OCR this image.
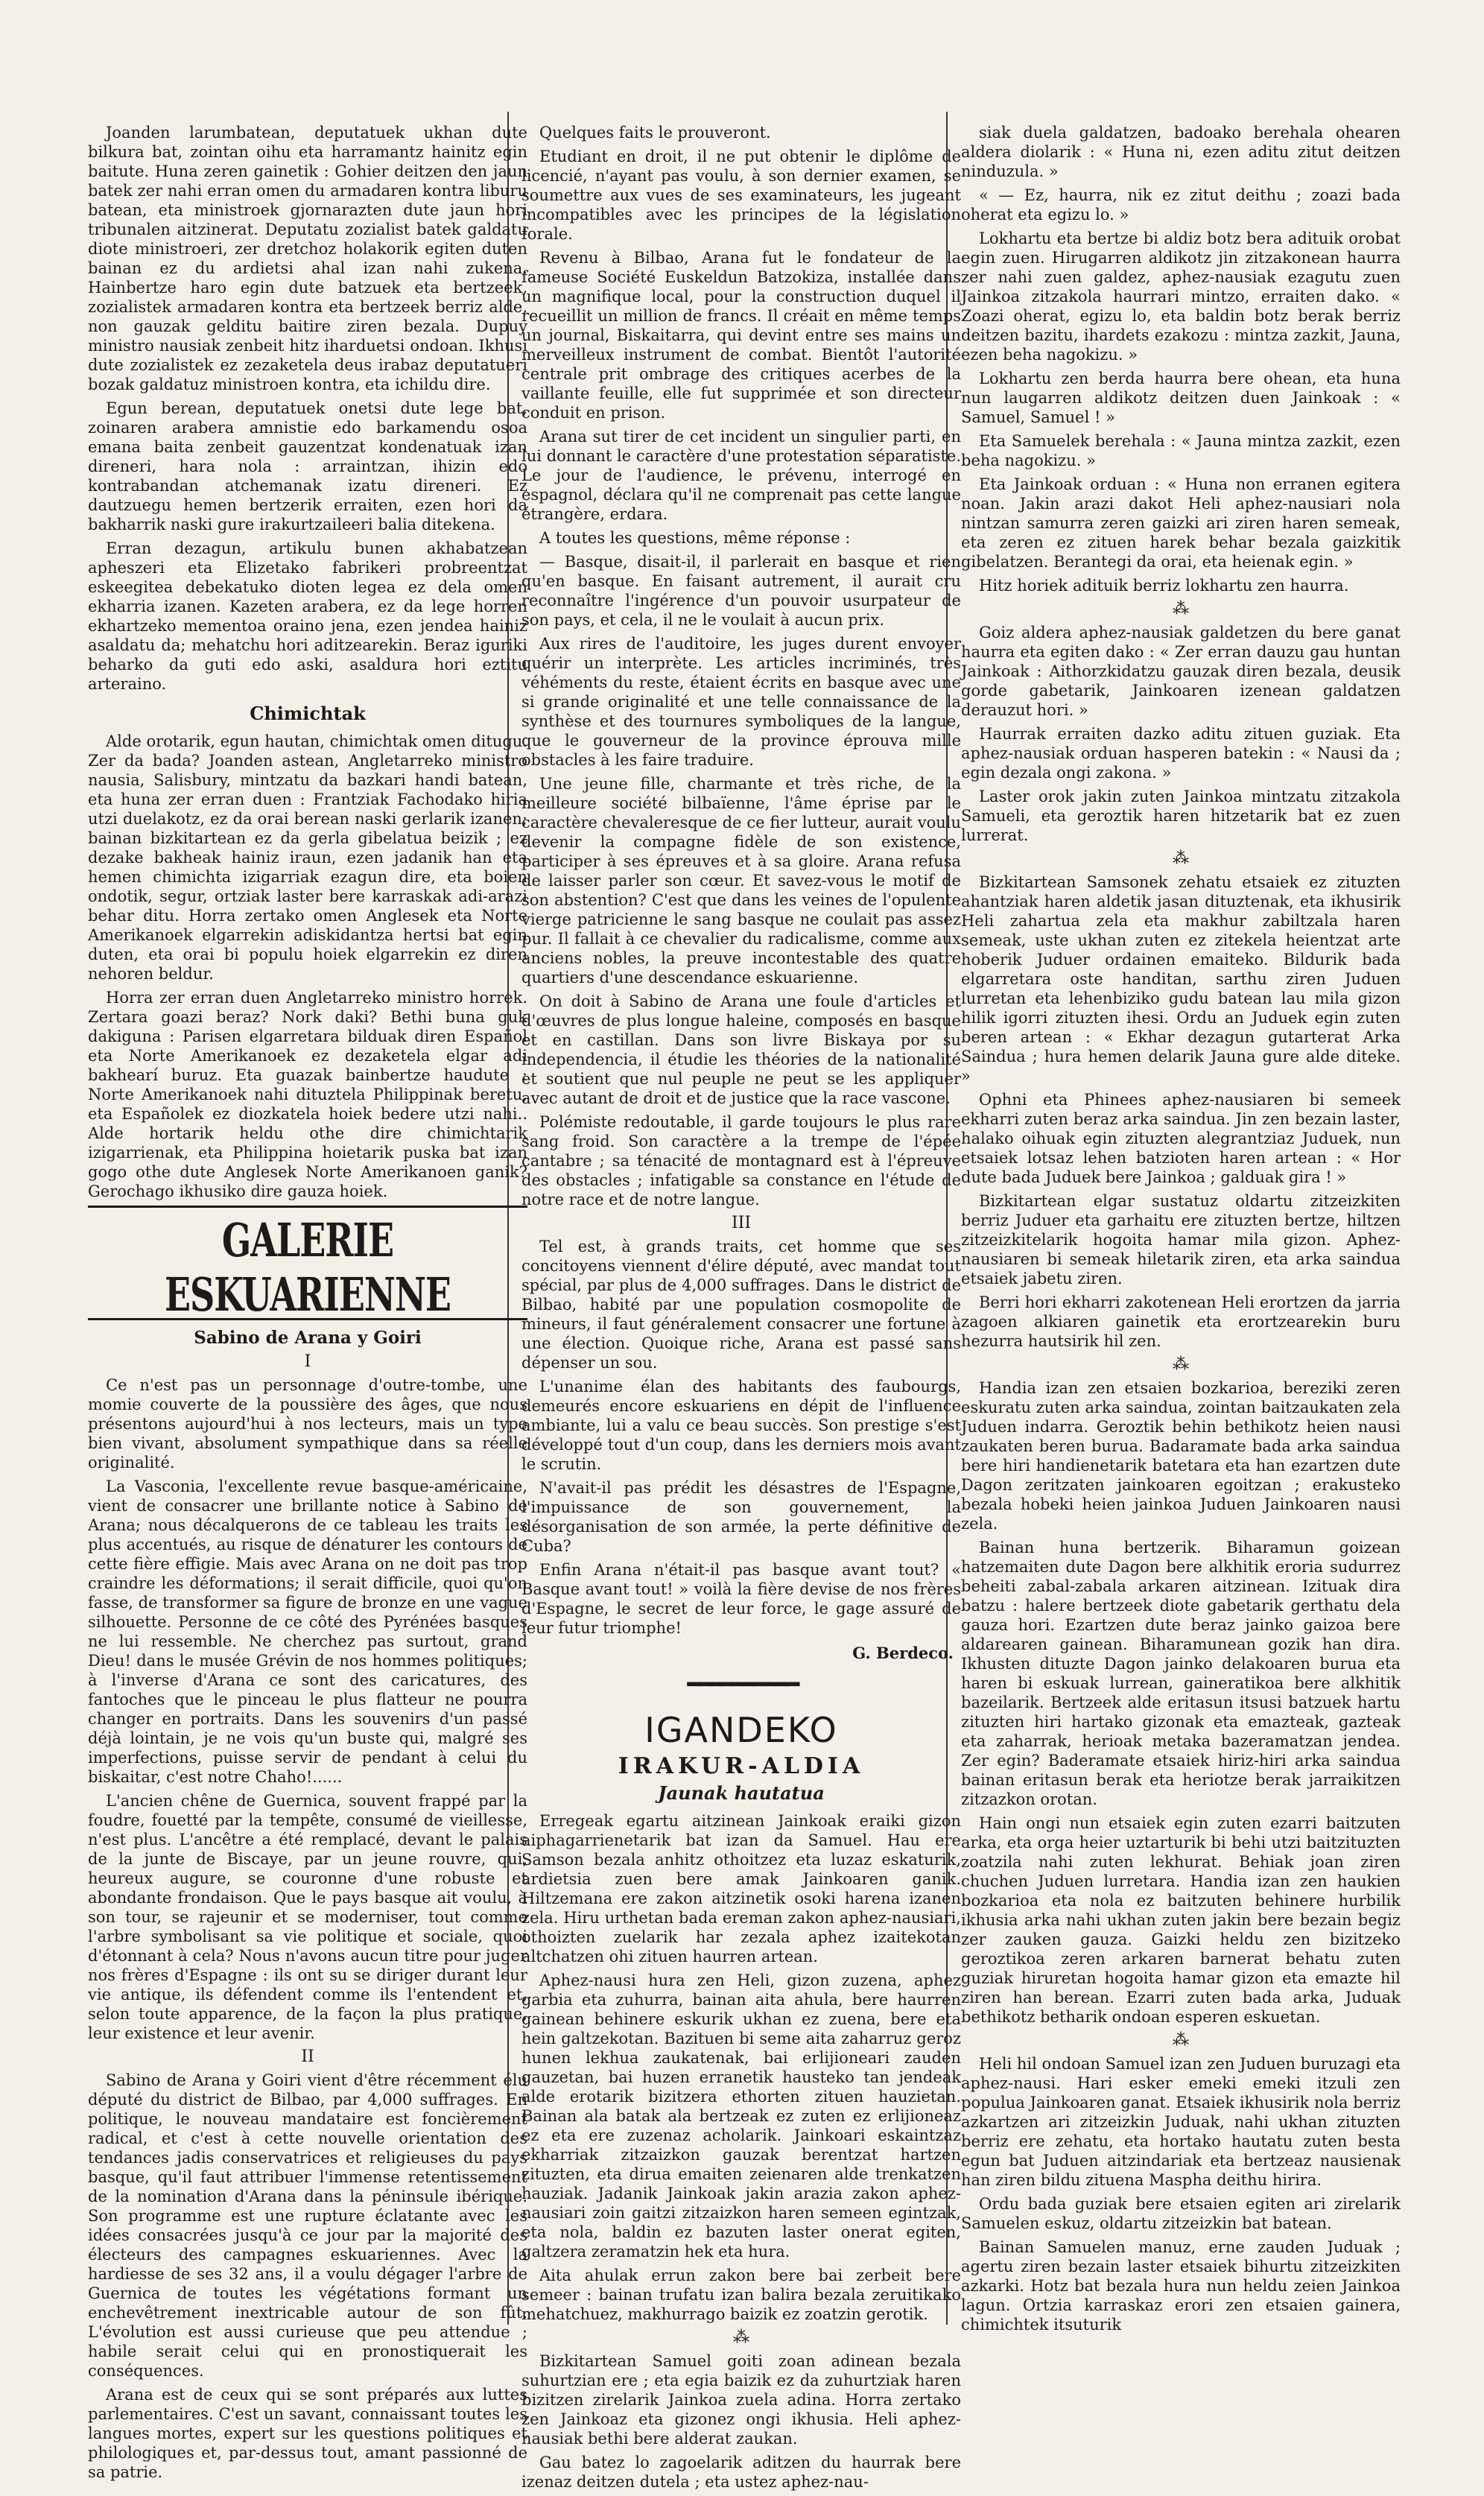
Joanden larumbatean, deputatuek ukhan dute bilkura bat, zointan oihu eta harramantz hainitz egin baitute. Huna zeren gainetik : Gohier deitzen den jaun batek zer nahi erran omen du armadaren kontra liburu batean, eta ministroek gjornarazten dute jaun hori tribunalen aitzinerat. Deputatu zozialist batek galdatu diote ministroeri, zer dretchoz holakorik egiten duten bainan ez du ardietsi ahal izan nahi zukena. Hainbertze haro egin dute batzuek eta bertzeek, zozialistek armadaren kontra eta bertzeek berriz alde, non gauzak gelditu baitire ziren bezala. Dupuy ministro nausiak zenbeit hitz iharduetsi ondoan. Ikhusi dute zozialistek ez zezaketela deus irabaz deputatueri bozak galdatuz ministroen kontra, eta ichildu dire.

Egun berean, deputatuek onetsi dute lege bat, zoinaren arabera amnistie edo barkamendu osoa emana baita zenbeit gauzentzat kondenatuak izan direneri, hara nola : arraintzan, ihizin edo kontrabandan atchemanak izatu direneri. Ez dautzuegu hemen bertzerik erraiten, ezen hori da bakharrik naski gure irakurtzaileeri balia ditekena.

Erran dezagun, artikulu bunen akhabatzean apheszeri eta Elizetako fabrikeri probreentzat eskeegitea debekatuko dioten legea ez dela omen ekharria izanen. Kazeten arabera, ez da lege horren ekhartzeko mementoa oraino jena, ezen jendea hainiz asaldatu da; mehatchu hori aditzearekin. Beraz iguriki beharko da guti edo aski, asaldura hori eztitu arteraino.

Chimichtak

Alde orotarik, egun hautan, chimichtak omen ditugu. Zer da bada? Joanden astean, Angletarreko ministro nausia, Salisbury, mintzatu da bazkari handi batean, eta huna zer erran duen : Frantziak Fachodako hiria utzi duelakotz, ez da orai berean naski gerlarik izanen; bainan bizkitartean ez da gerla gibelatua beizik ; ez dezake bakheak hainiz iraun, ezen jadanik han eta hemen chimichta izigarriak ezagun dire, eta boien ondotik, segur, ortziak laster bere karraskak adi-arazi behar ditu. Horra zertako omen Anglesek eta Norte Amerikanoek elgarrekin adiskidantza hertsi bat egin duten, eta orai bi populu hoiek elgarrekin ez diren nehoren beldur.

Horra zer erran duen Angletarreko ministro horrek. Zertara goazi beraz? Nork daki? Bethi buna guk dakiguna : Parisen elgarretara bilduak diren Español eta Norte Amerikanoek ez dezaketela elgar adi bakhearí buruz. Eta guazak bainbertze haudute : Norte Amerikanoek nahi dituztela Philippinak beretu, eta Españolek ez diozkatela hoiek bedere utzi nahi.. Alde hortarik heldu othe dire chimichtarik izigarrienak, eta Philippina hoietarik puska bat izan gogo othe dute Anglesek Norte Amerikanoen ganik? Gerochago ikhusiko dire gauza hoiek.

GALERIE ESKUARIENNE
Sabino de Arana y Goiri
I

Ce n'est pas un personnage d'outre-tombe, une momie couverte de la poussière des âges, que nous présentons aujourd'hui à nos lecteurs, mais un type bien vivant, absolument sympathique dans sa réelle originalité.

La Vasconia, l'excellente revue basque-américaine, vient de consacrer une brillante notice à Sabino de Arana; nous décalquerons de ce tableau les traits les plus accentués, au risque de dénaturer les contours de cette fière effigie. Mais avec Arana on ne doit pas trop craindre les déformations; il serait difficile, quoi qu'on fasse, de transformer sa figure de bronze en une vague silhouette. Personne de ce côté des Pyrénées basques ne lui ressemble. Ne cherchez pas surtout, grand Dieu! dans le musée Grévin de nos hommes politiques; à l'inverse d'Arana ce sont des caricatures, des fantoches que le pinceau le plus flatteur ne pourra changer en portraits. Dans les souvenirs d'un passé déjà lointain, je ne vois qu'un buste qui, malgré ses imperfections, puisse servir de pendant à celui du biskaitar, c'est notre Chaho!......

L'ancien chêne de Guernica, souvent frappé par la foudre, fouetté par la tempête, consumé de vieillesse, n'est plus. L'ancêtre a été remplacé, devant le palais de la junte de Biscaye, par un jeune rouvre, qui, heureux augure, se couronne d'une robuste et abondante frondaison. Que le pays basque ait voulu, à son tour, se rajeunir et se moderniser, tout comme l'arbre symbolisant sa vie politique et sociale, quoi d'étonnant à cela? Nous n'avons aucun titre pour juger nos frères d'Espagne : ils ont su se diriger durant leur vie antique, ils défendent comme ils l'entendent et, selon toute apparence, de la façon la plus pratique, leur existence et leur avenir.

II

Sabino de Arana y Goiri vient d'être récemment élu député du district de Bilbao, par 4,000 suffrages. En politique, le nouveau mandataire est foncièrement radical, et c'est à cette nouvelle orientation des tendances jadis conservatrices et religieuses du pays basque, qu'il faut attribuer l'immense retentissement de la nomination d'Arana dans la péninsule ibérique. Son programme est une rupture éclatante avec les idées consacrées jusqu'à ce jour par la majorité des électeurs des campagnes eskuariennes. Avec la hardiesse de ses 32 ans, il a voulu dégager l'arbre de Guernica de toutes les végétations formant un enchevêtrement inextricable autour de son fût. L'évolution est aussi curieuse que peu attendue ; habile serait celui qui en pronostiquerait les conséquences.

Arana est de ceux qui se sont préparés aux luttes parlementaires. C'est un savant, connaissant toutes les langues mortes, expert sur les questions politiques et philologiques et, par-dessus tout, amant passionné de sa patrie.

Quelques faits le prouveront.

Etudiant en droit, il ne put obtenir le diplôme de licencié, n'ayant pas voulu, à son dernier examen, se soumettre aux vues de ses examinateurs, les jugeant incompatibles avec les principes de la législation forale.

Revenu à Bilbao, Arana fut le fondateur de la fameuse Société Euskeldun Batzokiza, installée dans un magnifique local, pour la construction duquel il recueillit un million de francs. Il créait en même temps un journal, Biskaitarra, qui devint entre ses mains un merveilleux instrument de combat. Bientôt l'autorité centrale prit ombrage des critiques acerbes de la vaillante feuille, elle fut supprimée et son directeur conduit en prison.

Arana sut tirer de cet incident un singulier parti, en lui donnant le caractère d'une protestation séparatiste. Le jour de l'audience, le prévenu, interrogé en espagnol, déclara qu'il ne comprenait pas cette langue étrangère, erdara.

A toutes les questions, même réponse :

— Basque, disait-il, il parlerait en basque et rien qu'en basque. En faisant autrement, il aurait cru reconnaître l'ingérence d'un pouvoir usurpateur de son pays, et cela, il ne le voulait à aucun prix.

Aux rires de l'auditoire, les juges durent envoyer quérir un interprète. Les articles incriminés, très véhéments du reste, étaient écrits en basque avec une si grande originalité et une telle connaissance de la synthèse et des tournures symboliques de la langue, que le gouverneur de la province éprouva mille obstacles à les faire traduire.

Une jeune fille, charmante et très riche, de la meilleure société bilbaïenne, l'âme éprise par le caractère chevaleresque de ce fier lutteur, aurait voulu devenir la compagne fidèle de son existence, participer à ses épreuves et à sa gloire. Arana refusa de laisser parler son cœur. Et savez-vous le motif de son abstention? C'est que dans les veines de l'opulente vierge patricienne le sang basque ne coulait pas assez pur. Il fallait à ce chevalier du radicalisme, comme aux anciens nobles, la preuve incontestable des quatre quartiers d'une descendance eskuarienne.

On doit à Sabino de Arana une foule d'articles et d'œuvres de plus longue haleine, composés en basque et en castillan. Dans son livre Biskaya por su independencia, il étudie les théories de la nationalité et soutient que nul peuple ne peut se les appliquer avec autant de droit et de justice que la race vascone.

Polémiste redoutable, il garde toujours le plus rare sang froid. Son caractère a la trempe de l'épée cantabre ; sa ténacité de montagnard est à l'épreuve des obstacles ; infatigable sa constance en l'étude de notre race et de notre langue.

III

Tel est, à grands traits, cet homme que ses concitoyens viennent d'élire député, avec mandat tout spécial, par plus de 4,000 suffrages. Dans le district de Bilbao, habité par une population cosmopolite de mineurs, il faut généralement consacrer une fortune à une élection. Quoique riche, Arana est passé sans dépenser un sou.

L'unanime élan des habitants des faubourgs, demeurés encore eskuariens en dépit de l'influence ambiante, lui a valu ce beau succès. Son prestige s'est développé tout d'un coup, dans les derniers mois avant le scrutin.

N'avait-il pas prédit les désastres de l'Espagne, l'impuissance de son gouvernement, la désorganisation de son armée, la perte définitive de Cuba?

Enfin Arana n'était-il pas basque avant tout? « Basque avant tout! » voilà la fière devise de nos frères d'Espagne, le secret de leur force, le gage assuré de leur futur triomphe!

G. Berdeco.
━━━━━━━━━━
IGANDEKO
IRAKUR-ALDIA
Jaunak hautatua

Erregeak egartu aitzinean Jainkoak eraiki gizon aiphagarrienetarik bat izan da Samuel. Hau ere Samson bezala anhitz othoitzez eta luzaz eskaturik, ardietsia zuen bere amak Jainkoaren ganik. Hiltzemana ere zakon aitzinetik osoki harena izanen zela. Hiru urthetan bada ereman zakon aphez-nausiari, othoizten zuelarik har zezala aphez izaitekotan altchatzen ohi zituen haurren artean.

Aphez-nausi hura zen Heli, gizon zuzena, aphez garbia eta zuhurra, bainan aita ahula, bere haurren gainean behinere eskurik ukhan ez zuena, bere eta hein galtzekotan. Bazituen bi seme aita zaharruz geroz hunen lekhua zaukatenak, bai erlijioneari zauden gauzetan, bai huzen erranetik hausteko tan jendeak alde erotarik bizitzera ethorten zituen hauzietan. Bainan ala batak ala bertzeak ez zuten ez erlijioneaz ez eta ere zuzenaz acholarik. Jainkoari eskaintzaz ekharriak zitzaizkon gauzak berentzat hartzen zituzten, eta dirua emaiten zeienaren alde trenkatzen hauziak. Jadanik Jainkoak jakin arazia zakon aphez-nausiari zoin gaitzi zitzaizkon haren semeen egintzak, eta nola, baldin ez bazuten laster onerat egiten, galtzera zeramatzin hek eta hura.

Aita ahulak errun zakon bere bai zerbeit bere semeer : bainan trufatu izan balira bezala zeruitikako mehatchuez, makhurrago baizik ez zoatzin gerotik.

⁂

Bizkitartean Samuel goiti zoan adinean bezala suhurtzian ere ; eta egia baizik ez da zuhurtziak haren bizitzen zirelarik Jainkoa zuela adina. Horra zertako zen Jainkoaz eta gizonez ongi ikhusia. Heli aphez-nausiak bethi bere alderat zaukan.

Gau batez lo zagoelarik aditzen du haurrak bere izenaz deitzen dutela ; eta ustez aphez-nau-

siak duela galdatzen, badoako berehala ohearen aldera diolarik : « Huna ni, ezen aditu zitut deitzen ninduzula. »

« — Ez, haurra, nik ez zitut deithu ; zoazi bada oherat eta egizu lo. »

Lokhartu eta bertze bi aldiz botz bera adituik orobat egin zuen. Hirugarren aldikotz jin zitzakonean haurra zer nahi zuen galdez, aphez-nausiak ezagutu zuen Jainkoa zitzakola haurrari mintzo, erraiten dako. « Zoazi oherat, egizu lo, eta baldin botz berak berriz deitzen bazitu, ihardets ezakozu : mintza zazkit, Jauna, ezen beha nagokizu. »

Lokhartu zen berda haurra bere ohean, eta huna nun laugarren aldikotz deitzen duen Jainkoak : « Samuel, Samuel ! »

Eta Samuelek berehala : « Jauna mintza zazkit, ezen beha nagokizu. »

Eta Jainkoak orduan : « Huna non erranen egitera noan. Jakin arazi dakot Heli aphez-nausiari nola nintzan samurra zeren gaizki ari ziren haren semeak, eta zeren ez zituen harek behar bezala gaizkitik gibelatzen. Berantegi da orai, eta heienak egin. »

Hitz horiek adituik berriz lokhartu zen haurra.

⁂

Goiz aldera aphez-nausiak galdetzen du bere ganat haurra eta egiten dako : « Zer erran dauzu gau huntan Jainkoak : Aithorzkidatzu gauzak diren bezala, deusik gorde gabetarik, Jainkoaren izenean galdatzen derauzut hori. »

Haurrak erraiten dazko aditu zituen guziak. Eta aphez-nausiak orduan hasperen batekin : « Nausi da ; egin dezala ongi zakona. »

Laster orok jakin zuten Jainkoa mintzatu zitzakola Samueli, eta geroztik haren hitzetarik bat ez zuen lurrerat.

⁂

Bizkitartean Samsonek zehatu etsaiek ez zituzten ahantziak haren aldetik jasan dituztenak, eta ikhusirik Heli zahartua zela eta makhur zabiltzala haren semeak, uste ukhan zuten ez zitekela heientzat arte hoberik Juduer ordainen emaiteko. Bildurik bada elgarretara oste handitan, sarthu ziren Juduen lurretan eta lehenbiziko gudu batean lau mila gizon hilik igorri zituzten ihesi. Ordu an Juduek egin zuten beren artean : « Ekhar dezagun gutarterat Arka Saindua ; hura hemen delarik Jauna gure alde diteke. »

Ophni eta Phinees aphez-nausiaren bi semeek ekharri zuten beraz arka saindua. Jin zen bezain laster, halako oihuak egin zituzten alegrantziaz Juduek, nun etsaiek lotsaz lehen batzioten haren artean : « Hor dute bada Juduek bere Jainkoa ; galduak gira ! »

Bizkitartean elgar sustatuz oldartu zitzeizkiten berriz Juduer eta garhaitu ere zituzten bertze, hiltzen zitzeizkitelarik hogoita hamar mila gizon. Aphez-nausiaren bi semeak hiletarik ziren, eta arka saindua etsaiek jabetu ziren.

Berri hori ekharri zakotenean Heli erortzen da jarria zagoen alkiaren gainetik eta erortzearekin buru hezurra hautsirik hil zen.

⁂

Handia izan zen etsaien bozkarioa, bereziki zeren eskuratu zuten arka saindua, zointan baitzaukaten zela Juduen indarra. Geroztik behin bethikotz heien nausi zaukaten beren burua. Badaramate bada arka saindua bere hiri handienetarik batetara eta han ezartzen dute Dagon zeritzaten jainkoaren egoitzan ; erakusteko bezala hobeki heien jainkoa Juduen Jainkoaren nausi zela.

Bainan huna bertzerik. Biharamun goizean hatzemaiten dute Dagon bere alkhitik eroria sudurrez beheiti zabal-zabala arkaren aitzinean. Izituak dira batzu : halere bertzeek diote gabetarik gerthatu dela gauza hori. Ezartzen dute beraz jainko gaizoa bere aldarearen gainean. Biharamunean gozik han dira. Ikhusten dituzte Dagon jainko delakoaren burua eta haren bi eskuak lurrean, gaineratikoa bere alkhitik bazeilarik. Bertzeek alde eritasun itsusi batzuek hartu zituzten hiri hartako gizonak eta emazteak, gazteak eta zaharrak, herioak metaka bazeramatzan jendea. Zer egin? Baderamate etsaiek hiriz-hiri arka saindua bainan eritasun berak eta heriotze berak jarraikitzen zitzazkon orotan.

Hain ongi nun etsaiek egin zuten ezarri baitzuten arka, eta orga heier uztarturik bi behi utzi baitzituzten zoatzila nahi zuten lekhurat. Behiak joan ziren chuchen Juduen lurretara. Handia izan zen haukien bozkarioa eta nola ez baitzuten behinere hurbilik ikhusia arka nahi ukhan zuten jakin bere bezain begiz zer zauken gauza. Gaizki heldu zen bizitzeko geroztikoa zeren arkaren barnerat behatu zuten guziak hiruretan hogoita hamar gizon eta emazte hil ziren han berean. Ezarri zuten bada arka, Juduak bethikotz betharik ondoan esperen eskuetan.

⁂

Heli hil ondoan Samuel izan zen Juduen buruzagi eta aphez-nausi. Hari esker emeki emeki itzuli zen populua Jainkoaren ganat. Etsaiek ikhusirik nola berriz azkartzen ari zitzeizkin Juduak, nahi ukhan zituzten berriz ere zehatu, eta hortako hautatu zuten besta egun bat Juduen aitzindariak eta bertzeaz nausienak han ziren bildu zituena Maspha deithu hirira.

Ordu bada guziak bere etsaien egiten ari zirelarik Samuelen eskuz, oldartu zitzeizkin bat batean.

Bainan Samuelen manuz, erne zauden Juduak ; agertu ziren bezain laster etsaiek bihurtu zitzeizkiten azkarki. Hotz bat bezala hura nun heldu zeien Jainkoa lagun. Ortzia karraskaz erori zen etsaien gainera, chimichtek itsuturik
